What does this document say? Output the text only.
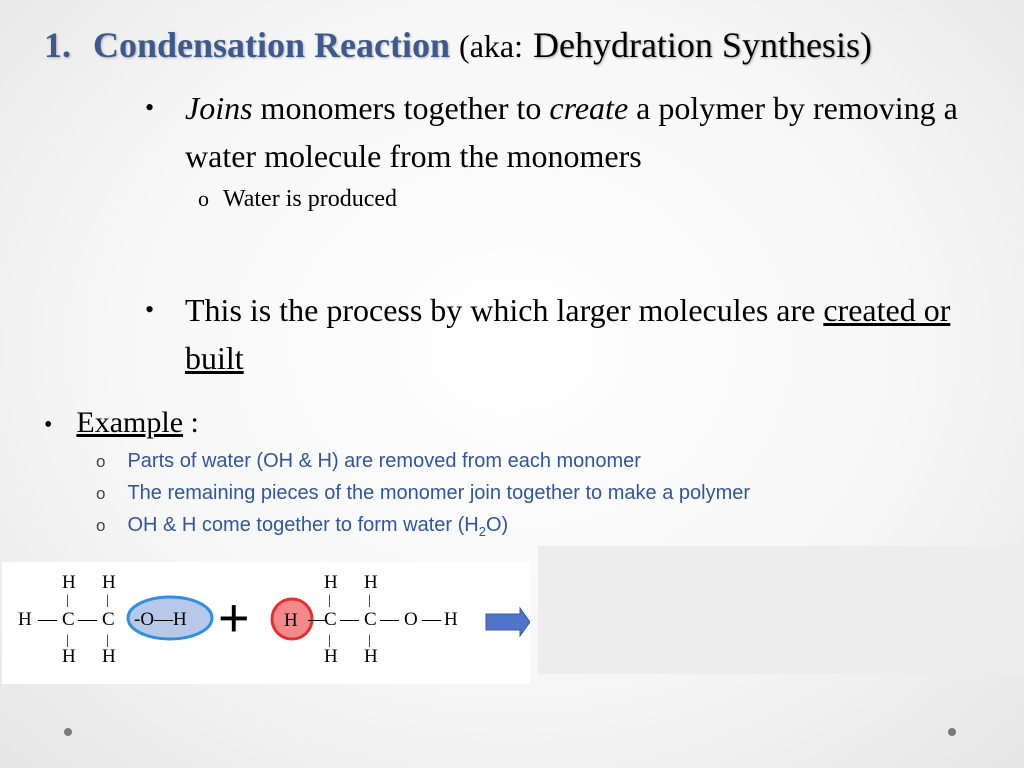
1. Condensation Reaction (aka: Dehydration Synthesis)
• Joins monomers together to create a polymer by removing a water molecule from the monomers
o Water is produced
• This is the process by which larger molecules are created or built
• Example :
o Parts of water (OH & H) are removed from each monomer
o The remaining pieces of the monomer join together to make a polymer
o OH & H come together to form water $(H_2O)$
H H
|	|
H — C — C
|	|
H H
-O—H + H
H H
|	|
—
C — C — O — H
|	|
H H
